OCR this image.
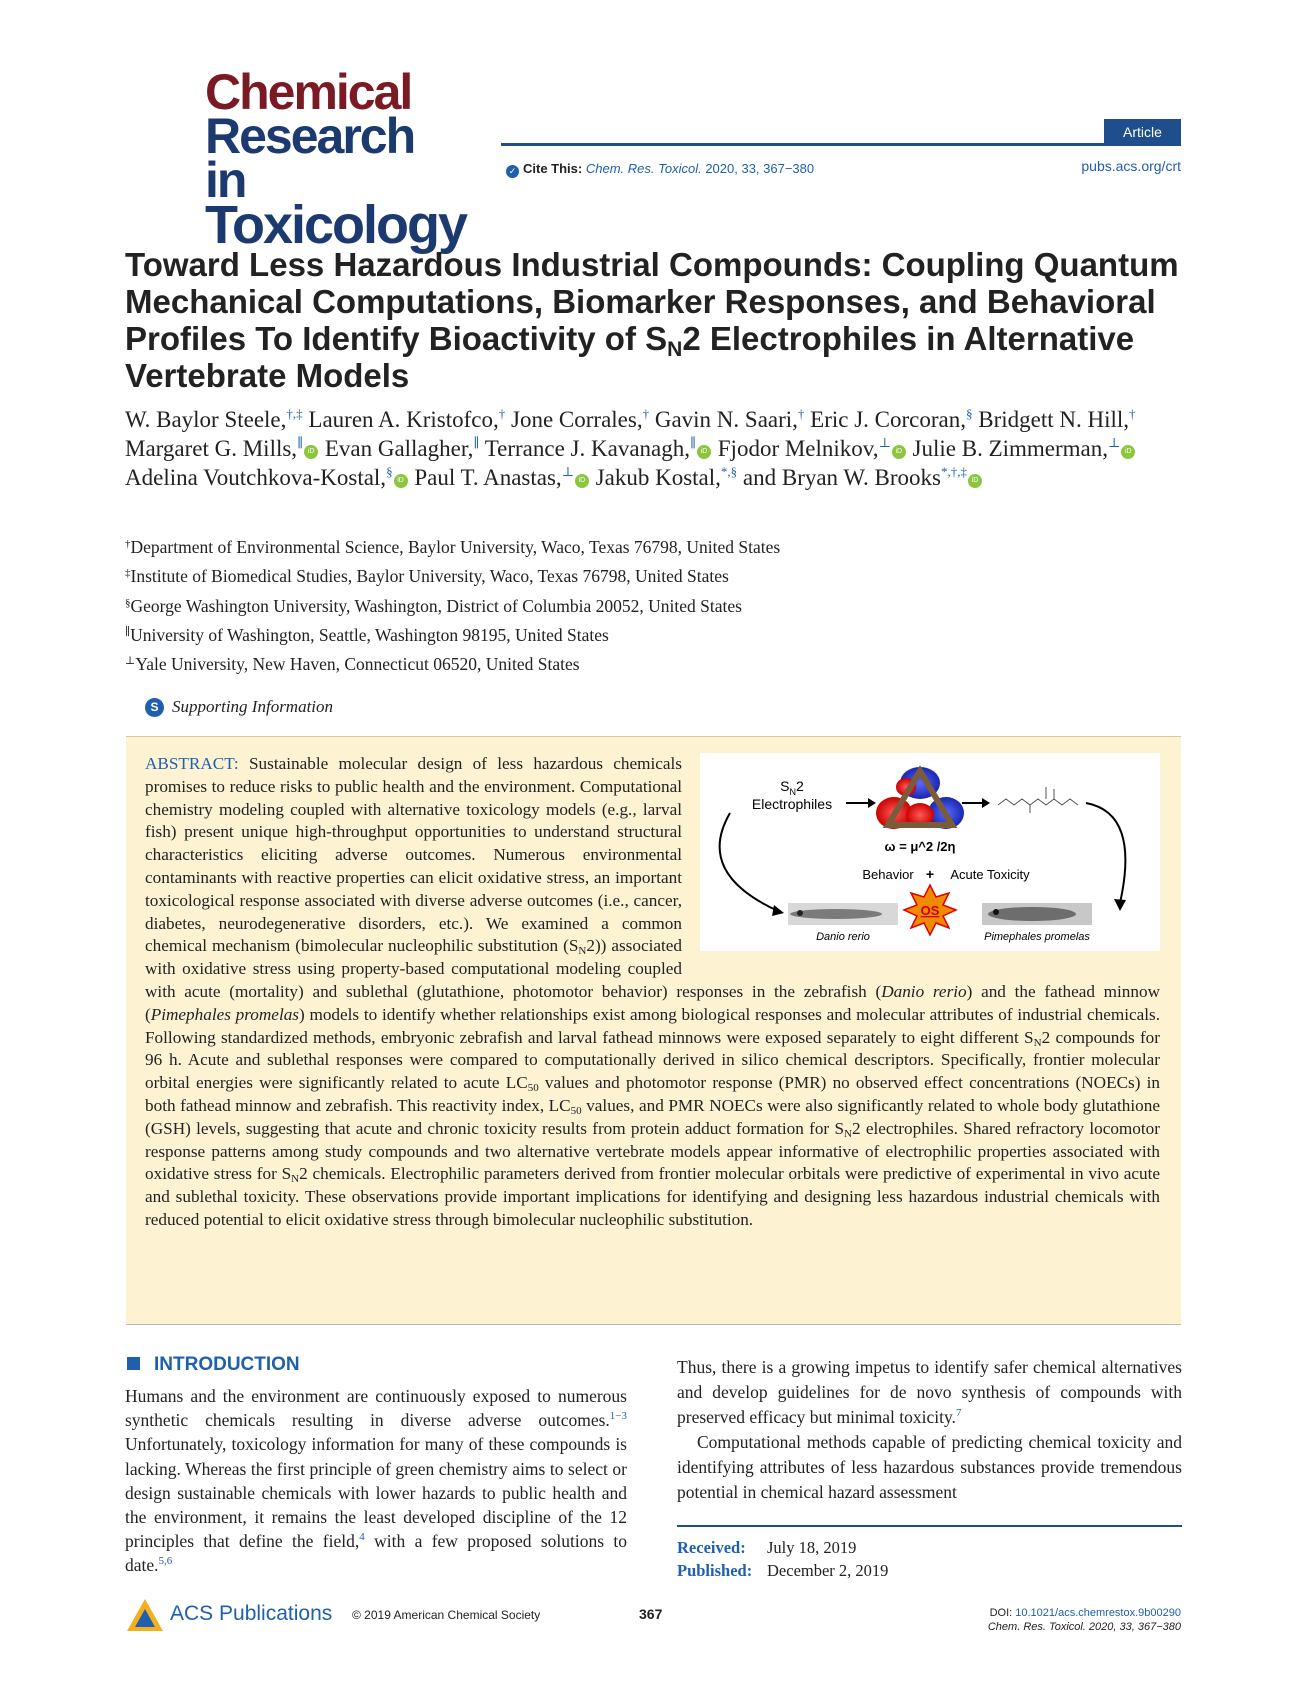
Chemical
Research in
Toxicology
Article
✓ Cite This: Chem. Res. Toxicol. 2020, 33, 367−380	pubs.acs.org/crt
Toward Less Hazardous Industrial Compounds: Coupling Quantum Mechanical Computations, Biomarker Responses, and Behavioral Profiles To Identify Bioactivity of $S_N2$ Electrophiles in Alternative Vertebrate Models
W. Baylor Steele,†,‡ Lauren A. Kristofco,† Jone Corrales,† Gavin N. Saari,† Eric J. Corcoran,§ Bridgett N. Hill,† Margaret G. Mills,∥iD Evan Gallagher,∥ Terrance J. Kavanagh,∥iD Fjodor Melnikov,⊥iD Julie B. Zimmerman,⊥iD Adelina Voutchkova-Kostal,§iD Paul T. Anastas,⊥iD Jakub Kostal,*,§ and Bryan W. Brooks*,†,‡iD
†Department of Environmental Science, Baylor University, Waco, Texas 76798, United States
‡Institute of Biomedical Studies, Baylor University, Waco, Texas 76798, United States
§George Washington University, Washington, District of Columbia 20052, United States
∥University of Washington, Seattle, Washington 98195, United States
⊥Yale University, New Haven, Connecticut 06520, United States
S Supporting Information
$S_N2$
Electrophiles
ω = μ^2 /2η
Behavior + Acute Toxicity
OS
Danio rerio	Pimephales promelas
ABSTRACT: Sustainable molecular design of less hazardous chemicals promises to reduce risks to public health and the environment. Computational chemistry modeling coupled with alternative toxicology models (e.g., larval fish) present unique high-throughput opportunities to understand structural characteristics eliciting adverse outcomes. Numerous environmental contaminants with reactive properties can elicit oxidative stress, an important toxicological response associated with diverse adverse outcomes (i.e., cancer, diabetes, neurodegenerative disorders, etc.). We examined a common chemical mechanism (bimolecular nucleophilic substitution $(S_N2)$) associated with oxidative stress using property-based computational modeling coupled with acute (mortality) and sublethal (glutathione, photomotor behavior) responses in the zebrafish (Danio rerio) and the fathead minnow (Pimephales promelas) models to identify whether relationships exist among biological responses and molecular attributes of industrial chemicals. Following standardized methods, embryonic zebrafish and larval fathead minnows were exposed separately to eight different $S_N2$ compounds for 96 h. Acute and sublethal responses were compared to computationally derived in silico chemical descriptors. Specifically, frontier molecular orbital energies were significantly related to acute $LC_{50}$ values and photomotor response (PMR) no observed effect concentrations (NOECs) in both fathead minnow and zebrafish. This reactivity index, $LC_{50}$ values, and PMR NOECs were also significantly related to whole body glutathione (GSH) levels, suggesting that acute and chronic toxicity results from protein adduct formation for $S_N2$ electrophiles. Shared refractory locomotor response patterns among study compounds and two alternative vertebrate models appear informative of electrophilic properties associated with oxidative stress for $S_N2$ chemicals. Electrophilic parameters derived from frontier molecular orbitals were predictive of experimental in vivo acute and sublethal toxicity. These observations provide important implications for identifying and designing less hazardous industrial chemicals with reduced potential to elicit oxidative stress through bimolecular nucleophilic substitution.
INTRODUCTION

Humans and the environment are continuously exposed to numerous synthetic chemicals resulting in diverse adverse outcomes.$^{1-3}$ Unfortunately, toxicology information for many of these compounds is lacking. Whereas the first principle of green chemistry aims to select or design sustainable chemicals with lower hazards to public health and the environment, it remains the least developed discipline of the 12 principles that define the field,$^4$ with a few proposed solutions to date.$^{5,6}$

Thus, there is a growing impetus to identify safer chemical alternatives and develop guidelines for de novo synthesis of compounds with preserved efficacy but minimal toxicity.$^7$

Computational methods capable of predicting chemical toxicity and identifying attributes of less hazardous substances provide tremendous potential in chemical hazard assessment

Received: July 18, 2019
Published: December 2, 2019
ACS Publications © 2019 American Chemical Society	367	DOI: 10.1021/acs.chemrestox.9b00290
Chem. Res. Toxicol. 2020, 33, 367−380
